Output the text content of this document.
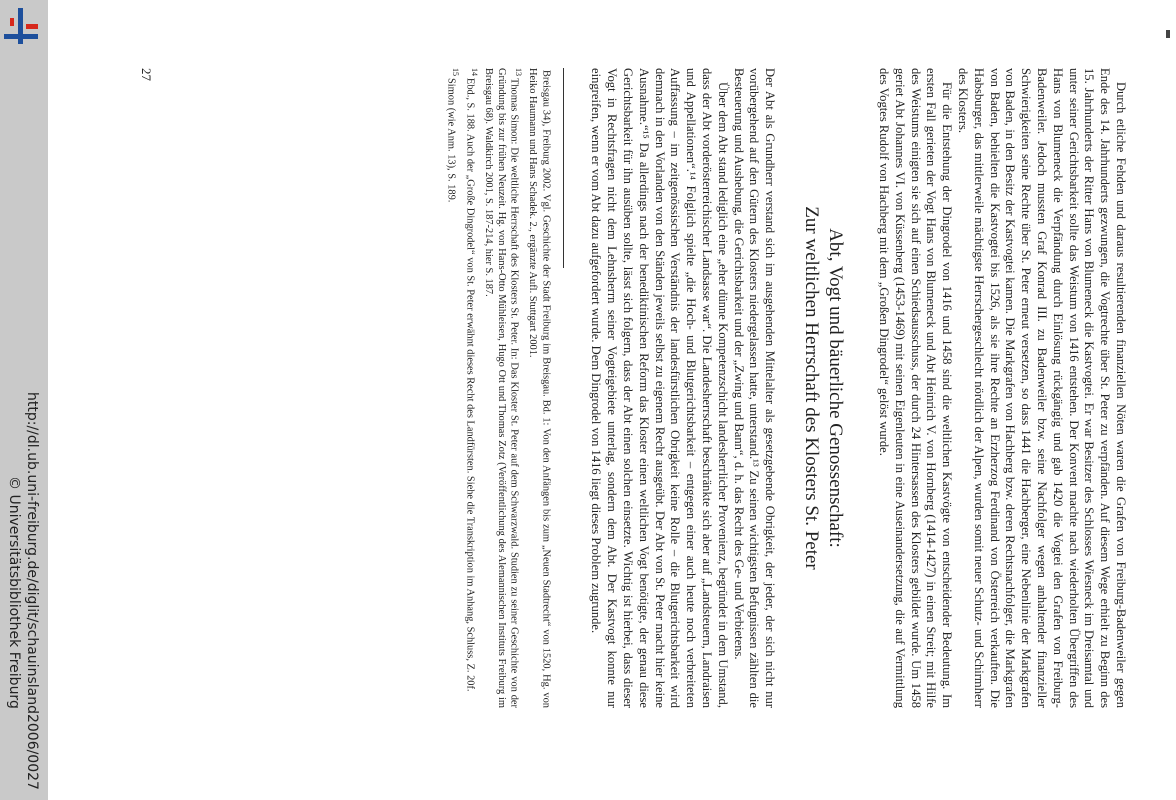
http://dl.ub.uni-freiburg.de/diglit/schauinsland2006/0027
© Universitätsbibliothek Freiburg	Durch etliche Fehden und daraus resultierenden finanziellen Nöten waren die Grafen von Freiburg-Badenweiler gegen Ende des 14. Jahrhunderts gezwungen, die Vogtrechte über St. Peter zu verpfänden. Auf diesem Wege erhielt zu Beginn des 15. Jahrhunderts der Ritter Hans von Blumeneck die Kastvogtei. Er war Besitzer des Schlosses Wiesneck im Dreisamtal und unter seiner Gerichtsbarkeit sollte das Weistum von 1416 entstehen. Der Konvent machte nach wiederholten Übergriffen des Hans von Blumeneck die Verpfändung durch Einlösung rückgängig und gab 1420 die Vogtei den Grafen von Freiburg-Badenweiler. Jedoch mussten Graf Konrad III. zu Badenweiler bzw. seine Nachfolger wegen anhaltender finanzieller Schwierigkeiten seine Rechte über St. Peter erneut versetzen, so dass 1441 die Hachberger, eine Nebenlinie der Markgrafen von Baden, in den Besitz der Kastvogtei kamen. Die Markgrafen von Hachberg bzw. deren Rechtsnachfolger, die Markgrafen von Baden, behielten die Kastvogtei bis 1526, als sie ihre Rechte an Erzherzog Ferdinand von Österreich verkauften. Die Habsburger, das mittlerweile mächtigste Herrschergeschlecht nördlich der Alpen, wurden somit neuer Schutz- und Schirmherr des Klosters.

Für die Entstehung der Dingrodel von 1416 und 1458 sind die weltlichen Kastvögte von entscheidender Bedeutung. Im ersten Fall gerieten der Vogt Hans von Blumeneck und Abt Heinrich V. von Hornberg (1414-1427) in einen Streit; mit Hilfe des Weistums einigten sie sich auf einen Schiedsausschuss, der durch 24 Hintersassen des Klosters gebildet wurde. Um 1458 geriet Abt Johannes VI. von Küssenberg (1453-1469) mit seinen Eigenleuten in eine Auseinandersetzung, die auf Vermittlung des Vogtes Rudolf von Hachberg mit dem „Großen Dingrodel“ gelöst wurde.

Abt, Vogt und bäuerliche Genossenschaft:
Zur weltlichen Herrschaft des Klosters St. Peter

Der Abt als Grundherr verstand sich im ausgehenden Mittelalter als gesetzgebende Obrigkeit, der jeder, der sich nicht nur vorübergehend auf den Gütern des Klosters niedergelassen hatte, unterstand.¹³ Zu seinen wichtigsten Befugnissen zählten die Besteuerung und Aushebung, die Gerichtsbarkeit und der „Zwing und Bann“, d. h. das Recht des Ge- und Verbietens.

Über dem Abt stand lediglich eine „eher dünne Kompetenzschicht landesherrlicher Provenienz, begründet in dem Umstand, dass der Abt vorderösterreichischer Landsasse war“. Die Landesherrschaft beschränkte sich aber auf „Landsteuern, Landraisen und Appellationen“.¹⁴ Folglich spielte „die Hoch- und Blutgerichtsbarkeit – entgegen einer auch heute noch verbreiteten Auffassung – im zeitgenössischen Verständnis der landesfürstlichen Obrigkeit keine Rolle – die Blutgerichtsbarkeit wird demnach in den Vorlanden von den Ständen jeweils selbst zu eigenem Recht ausgeübt. Der Abt von St. Peter macht hier keine Ausnahme.“¹⁵ Da allerdings nach der benediktinischen Reform das Kloster einen weltlichen Vogt benötigte, der genau diese Gerichtsbarkeit für ihn ausüben sollte, lässt sich folgern, dass der Abt einen solchen einsetzte. Wichtig ist hierbei, dass dieser Vogt in Rechtsfragen nicht dem Lehnsherrn seiner Vogteigebiete unterlag, sondern dem Abt. Der Kastvogt konnte nur eingreifen, wenn er vom Abt dazu aufgefordert wurde. Dem Dingrodel von 1416 liegt dieses Problem zugrunde.

Breisgau 34), Freiburg 2002. Vgl. Geschichte der Stadt Freiburg im Breisgau. Bd. 1: Von den Anfängen bis zum „Neuen Stadtrecht“ von 1520, Hg. von Heiko Haumann und Hans Schadek. 2., ergänzte Aufl. Stuttgart 2001.

$^{13}$Thomas Simon: Die weltliche Herrschaft des Klosters St. Peter. In: Das Kloster St. Peter auf dem Schwarzwald. Studien zu seiner Geschichte von der Gründung bis zur frühen Neuzeit. Hg. von Hans-Otto Mühleisen, Hugo Ott und Thomas Zotz (Veröffentlichung des Alemannischen Instituts Freiburg im Breisgau 68). Waldkirch 2001, S. 187-214, hier S. 187.

$^{14}$Ebd., S. 188. Auch der „Große Dingrodel“ von St. Peter erwähnt dieses Recht des Landfürsten. Siehe die Transkription im Anhang, Schluss, Z. 20f.

$^{15}$Simon (wie Anm. 13), S. 189.

27
